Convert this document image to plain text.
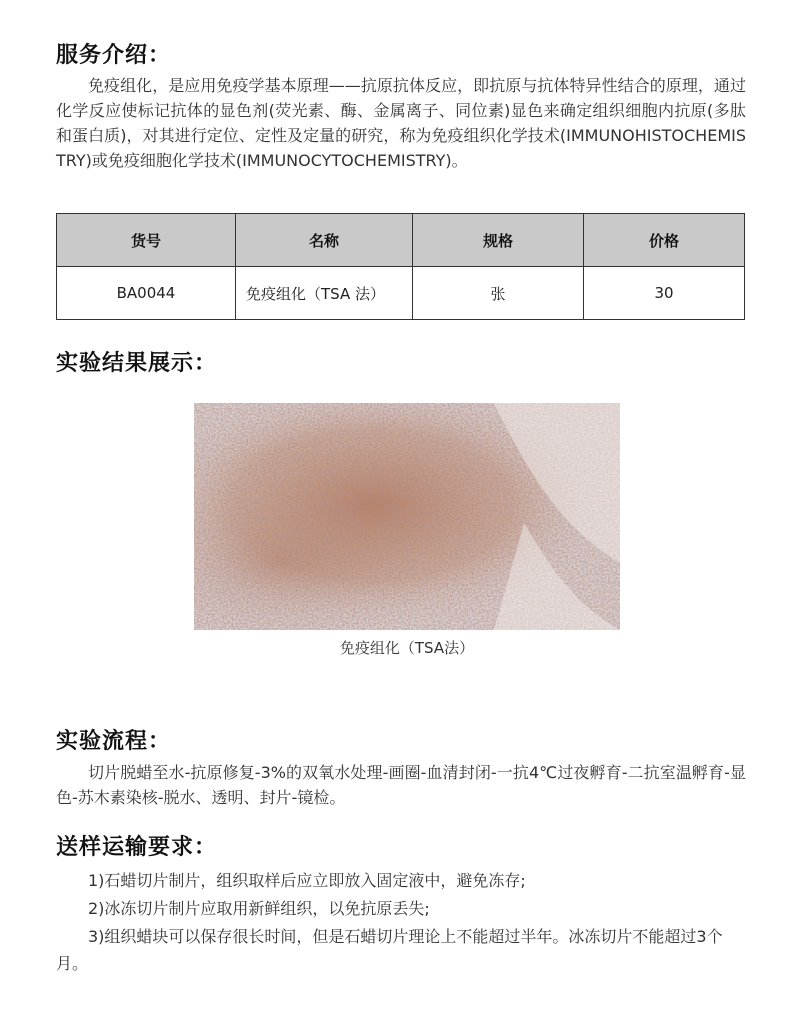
服务介绍：

免疫组化，是应用免疫学基本原理——抗原抗体反应，即抗原与抗体特异性结合的原理，通过化学反应使标记抗体的显色剂(荧光素、酶、金属离子、同位素)显色来确定组织细胞内抗原(多肽和蛋白质)，对其进行定位、定性及定量的研究，称为免疫组织化学技术(IMMUNOHISTOCHEMISTRY)或免疫细胞化学技术(IMMUNOCYTOCHEMISTRY)。

货号	名称	规格	价格
BA0044	免疫组化（TSA 法）	张	30
实验结果展示：
免疫组化（TSA法）
实验流程：

切片脱蜡至水-抗原修复-3%的双氧水处理-画圈-血清封闭-一抗4℃过夜孵育-二抗室温孵育-显色-苏木素染核-脱水、透明、封片-镜检。

送样运输要求：

1)石蜡切片制片，组织取样后应立即放入固定液中，避免冻存;

2)冰冻切片制片应取用新鲜组织，以免抗原丢失;

3)组织蜡块可以保存很长时间，但是石蜡切片理论上不能超过半年。冰冻切片不能超过3个月。
